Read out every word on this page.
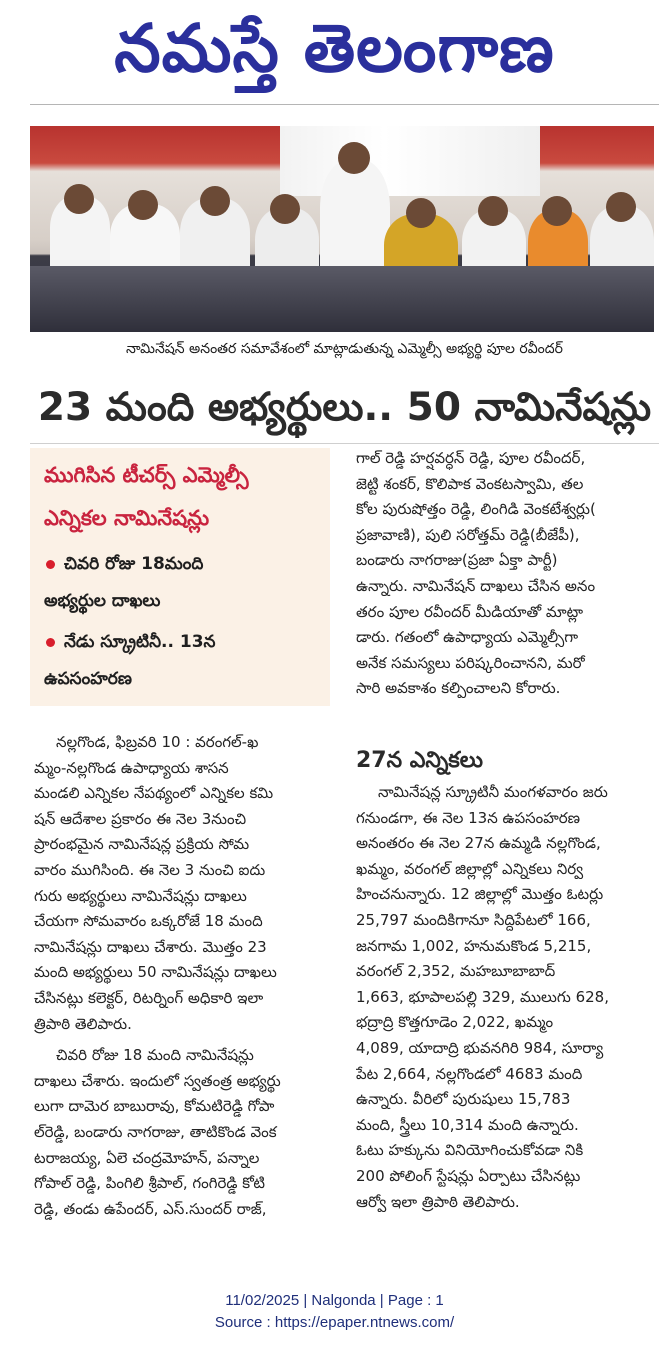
నమస్తే తెలంగాణ
నామినేషన్ అనంతర సమావేశంలో మాట్లాడుతున్న ఎమ్మెల్సీ అభ్యర్థి పూల రవీందర్
23 మంది అభ్యర్థులు.. 50 నామినేషన్లు
ముగిసిన టీచర్స్ ఎమ్మెల్సీ
ఎన్నికల నామినేషన్లు
చివరి రోజు 18మంది
అభ్యర్థుల దాఖలు
నేడు స్క్రూటినీ.. 13న
ఉపసంహరణ
నల్లగొండ, ఫిబ్రవరి 10 : వరంగల్-ఖ
మ్మం-నల్లగొండ ఉపాధ్యాయ శాసన
మండలి ఎన్నికల నేపథ్యంలో ఎన్నికల కమి
షన్ ఆదేశాల ప్రకారం ఈ నెల 3నుంచి
ప్రారంభమైన నామినేషన్ల ప్రక్రియ సోమ
వారం ముగిసింది. ఈ నెల 3 నుంచి ఐదు
గురు అభ్యర్థులు నామినేషన్లు దాఖలు
చేయగా సోమవారం ఒక్కరోజే 18 మంది
నామినేషన్లు దాఖలు చేశారు. మొత్తం 23
మంది అభ్యర్థులు 50 నామినేషన్లు దాఖలు
చేసినట్లు కలెక్టర్, రిటర్నింగ్ అధికారి ఇలా
త్రిపాఠి తెలిపారు.
చివరి రోజు 18 మంది నామినేషన్లు
దాఖలు చేశారు. ఇందులో స్వతంత్ర అభ్యర్థు
లుగా దామెర బాబురావు, కోమటిరెడ్డి గోపా
ల్‌రెడ్డి, బండారు నాగరాజు, తాటికొండ వెంక
టరాజయ్య, ఏలె చంద్రమోహన్, పన్నాల
గోపాల్ రెడ్డి, పింగిలి శ్రీపాల్, గంగిరెడ్డి కోటి
రెడ్డి, తండు ఉపేందర్, ఎస్.సుందర్ రాజ్,
గాల్ రెడ్డి హర్షవర్ధన్ రెడ్డి, పూల రవీందర్,
జెట్టి శంకర్, కొలిపాక వెంకటస్వామి, తల
కోల పురుషోత్తం రెడ్డి, లింగిడి వెంకటేశ్వర్లు(
ప్రజావాణి), పులి సరోత్తమ్ రెడ్డి(బీజేపీ),
బండారు నాగరాజు(ప్రజా ఏక్తా పార్టీ)
ఉన్నారు. నామినేషన్ దాఖలు చేసిన అనం
తరం పూల రవీందర్ మీడియాతో మాట్లా
డారు. గతంలో ఉపాధ్యాయ ఎమ్మెల్సీగా
అనేక సమస్యలు పరిష్కరించానని, మరో
సారి అవకాశం కల్పించాలని కోరారు.
27న ఎన్నికలు
నామినేషన్ల స్క్రూటినీ మంగళవారం జరు
గనుండగా, ఈ నెల 13న ఉపసంహరణ
అనంతరం ఈ నెల 27న ఉమ్మడి నల్లగొండ,
ఖమ్మం, వరంగల్ జిల్లాల్లో ఎన్నికలు నిర్వ
హించనున్నారు. 12 జిల్లాల్లో మొత్తం ఓటర్లు
25,797 మందికిగానూ సిద్దిపేటలో 166,
జనగామ 1,002, హనుమకొండ 5,215,
వరంగల్ 2,352, మహబూబాబాద్
1,663, భూపాలపల్లి 329, ములుగు 628,
భద్రాద్రి కొత్తగూడెం 2,022, ఖమ్మం
4,089, యాదాద్రి భువనగిరి 984, సూర్యా
పేట 2,664, నల్లగొండలో 4683 మంది
ఉన్నారు. వీరిలో పురుషులు 15,783
మంది, స్త్రీలు 10,314 మంది ఉన్నారు.
ఓటు హక్కును వినియోగించుకోవడా నికి
200 పోలింగ్ స్టేషన్లు ఏర్పాటు చేసినట్లు
ఆర్వో ఇలా త్రిపాఠి తెలిపారు.
11/02/2025 | Nalgonda | Page : 1
Source : https://epaper.ntnews.com/
